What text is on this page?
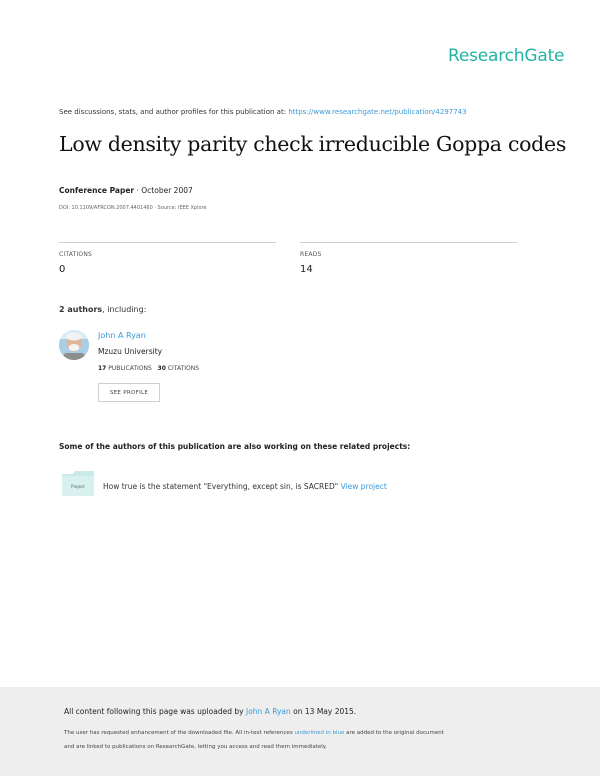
ResearchGate
See discussions, stats, and author profiles for this publication at: https://www.researchgate.net/publication/4297743
Low density parity check irreducible Goppa codes
Conference Paper · October 2007
DOI: 10.1109/AFRCON.2007.4401460 · Source: IEEE Xplore
CITATIONS
0
READS
14
2 authors, including:
John A Ryan
Mzuzu University
17 PUBLICATIONS 30 CITATIONS
SEE PROFILE
Some of the authors of this publication are also working on these related projects:
Project	How true is the statement "Everything, except sin, is SACRED" View project
All content following this page was uploaded by John A Ryan on 13 May 2015.
The user has requested enhancement of the downloaded file. All in-text references underlined in blue are added to the original document
and are linked to publications on ResearchGate, letting you access and read them immediately.
